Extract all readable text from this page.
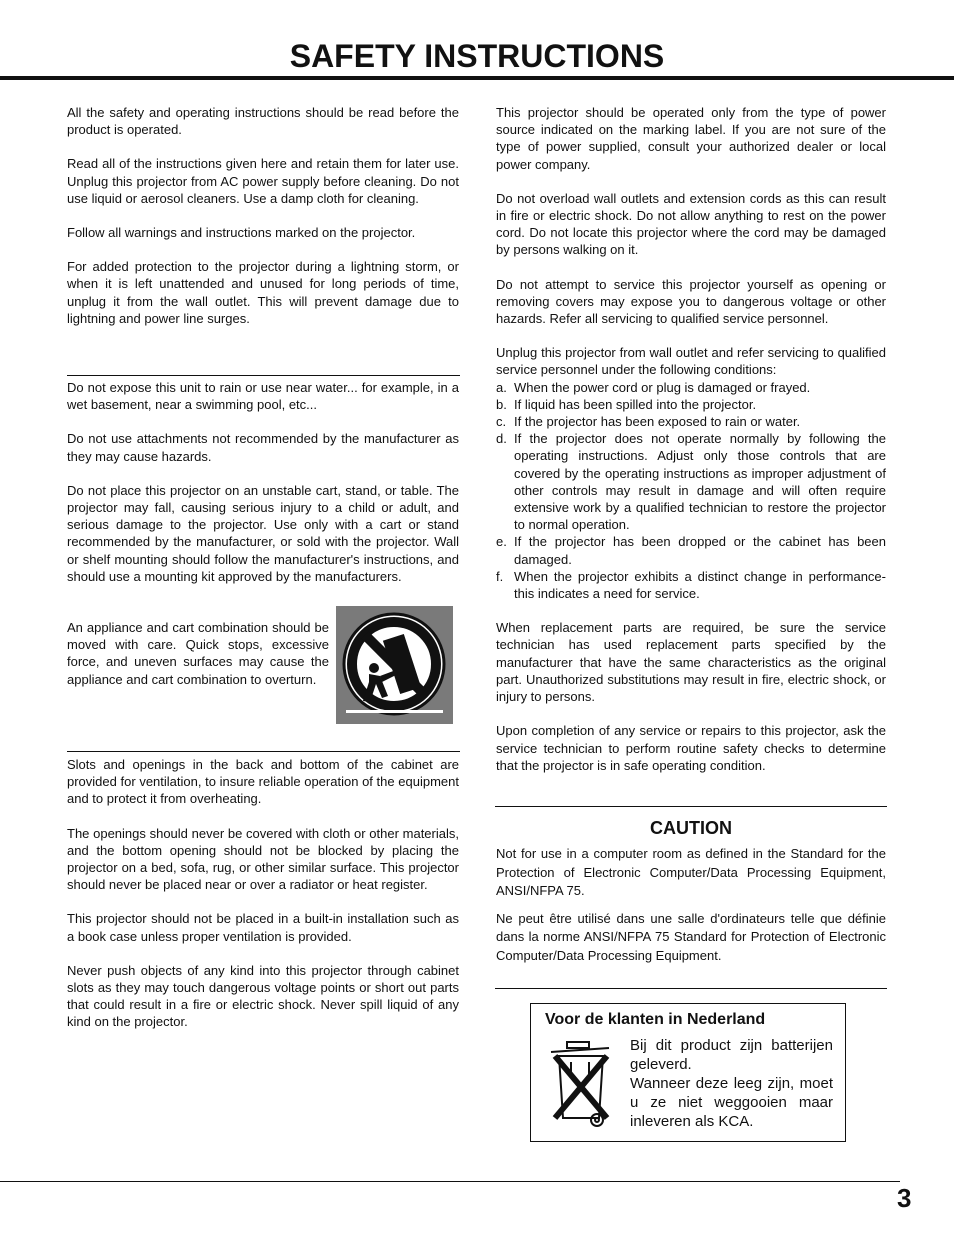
SAFETY INSTRUCTIONS

All the safety and operating instructions should be read before the product is operated.

Read all of the instructions given here and retain them for later use. Unplug this projector from AC power supply before cleaning. Do not use liquid or aerosol cleaners. Use a damp cloth for cleaning.

Follow all warnings and instructions marked on the projector.

For added protection to the projector during a lightning storm, or when it is left unattended and unused for long periods of time, unplug it from the wall outlet. This will prevent damage due to lightning and power line surges.

Do not expose this unit to rain or use near water... for example, in a wet basement, near a swimming pool, etc...

Do not use attachments not recommended by the manufacturer as they may cause hazards.

Do not place this projector on an unstable cart, stand, or table. The projector may fall, causing serious injury to a child or adult, and serious damage to the projector. Use only with a cart or stand recommended by the manufacturer, or sold with the projector. Wall or shelf mounting should follow the manufacturer's instructions, and should use a mounting kit approved by the manufacturers.

An appliance and cart combination should be moved with care. Quick stops, excessive force, and uneven surfaces may cause the appliance and cart combination to overturn.

Slots and openings in the back and bottom of the cabinet are provided for ventilation, to insure reliable operation of the equipment and to protect it from overheating.

The openings should never be covered with cloth or other materials, and the bottom opening should not be blocked by placing the projector on a bed, sofa, rug, or other similar surface. This projector should never be placed near or over a radiator or heat register.

This projector should not be placed in a built-in installation such as a book case unless proper ventilation is provided.

Never push objects of any kind into this projector through cabinet slots as they may touch dangerous voltage points or short out parts that could result in a fire or electric shock. Never spill liquid of any kind on the projector.

This projector should be operated only from the type of power source indicated on the marking label. If you are not sure of the type of power supplied, consult your authorized dealer or local power company.

Do not overload wall outlets and extension cords as this can result in fire or electric shock. Do not allow anything to rest on the power cord. Do not locate this projector where the cord may be damaged by persons walking on it.

Do not attempt to service this projector yourself as opening or removing covers may expose you to dangerous voltage or other hazards. Refer all servicing to qualified service personnel.

Unplug this projector from wall outlet and refer servicing to qualified service personnel under the following conditions:

a. When the power cord or plug is damaged or frayed.
b. If liquid has been spilled into the projector.
c. If the projector has been exposed to rain or water.
d. If the projector does not operate normally by following the operating instructions. Adjust only those controls that are covered by the operating instructions as improper adjustment of other controls may result in damage and will often require extensive work by a qualified technician to restore the projector to normal operation.
e. If the projector has been dropped or the cabinet has been damaged.
f. When the projector exhibits a distinct change in performance-this indicates a need for service.

When replacement parts are required, be sure the service technician has used replacement parts specified by the manufacturer that have the same characteristics as the original part. Unauthorized substitutions may result in fire, electric shock, or injury to persons.

Upon completion of any service or repairs to this projector, ask the service technician to perform routine safety checks to determine that the projector is in safe operating condition.

CAUTION

Not for use in a computer room as defined in the Standard for the Protection of Electronic Computer/Data Processing Equipment, ANSI/NFPA 75.

Ne peut être utilisé dans une salle d'ordinateurs telle que définie dans la norme ANSI/NFPA 75 Standard for Protection of Electronic Computer/Data Processing Equipment.

Voor de klanten in Nederland
Bij dit product zijn batterijen geleverd.
Wanneer deze leeg zijn, moet u ze niet weggooien maar inleveren als KCA.
3
